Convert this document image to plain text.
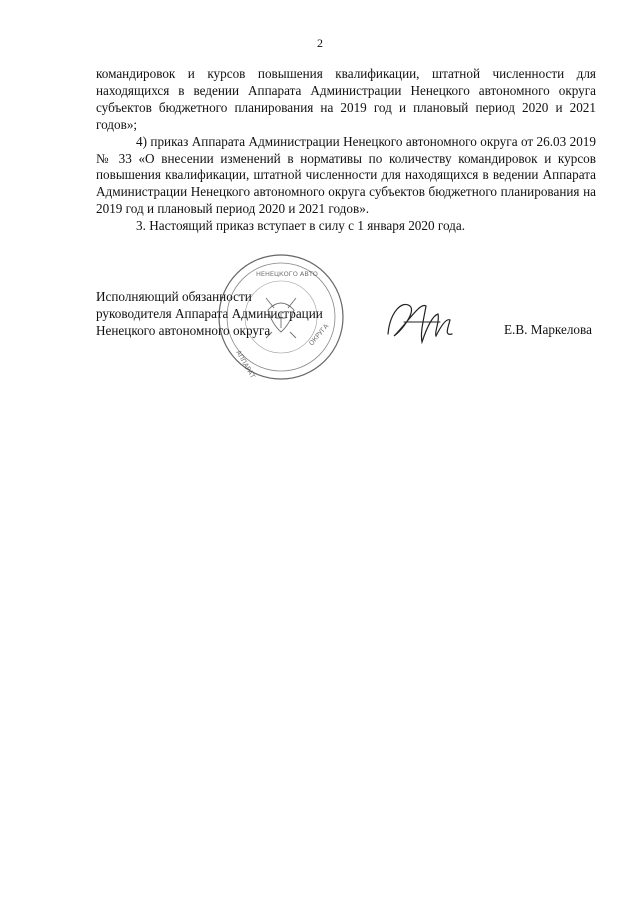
2

командировок и курсов повышения квалификации, штатной численности для находящихся в ведении Аппарата Администрации Ненецкого автономного округа субъектов бюджетного планирования на 2019 год и плановый период 2020 и 2021 годов»;

4) приказ Аппарата Администрации Ненецкого автономного округа от 26.03 2019 № 33 «О внесении изменений в нормативы по количеству командировок и курсов повышения квалификации, штатной численности для находящихся в ведении Аппарата Администрации Ненецкого автономного округа субъектов бюджетного планирования на 2019 год и плановый период 2020 и 2021 годов».

3. Настоящий приказ вступает в силу с 1 января 2020 года.

Исполняющий обязанности
руководителя Аппарата Администрации
Ненецкого автономного округа
НЕНЕЦКОГО АВТО
АППАРАТ
ОКРУГА	Е.В. Маркелова
